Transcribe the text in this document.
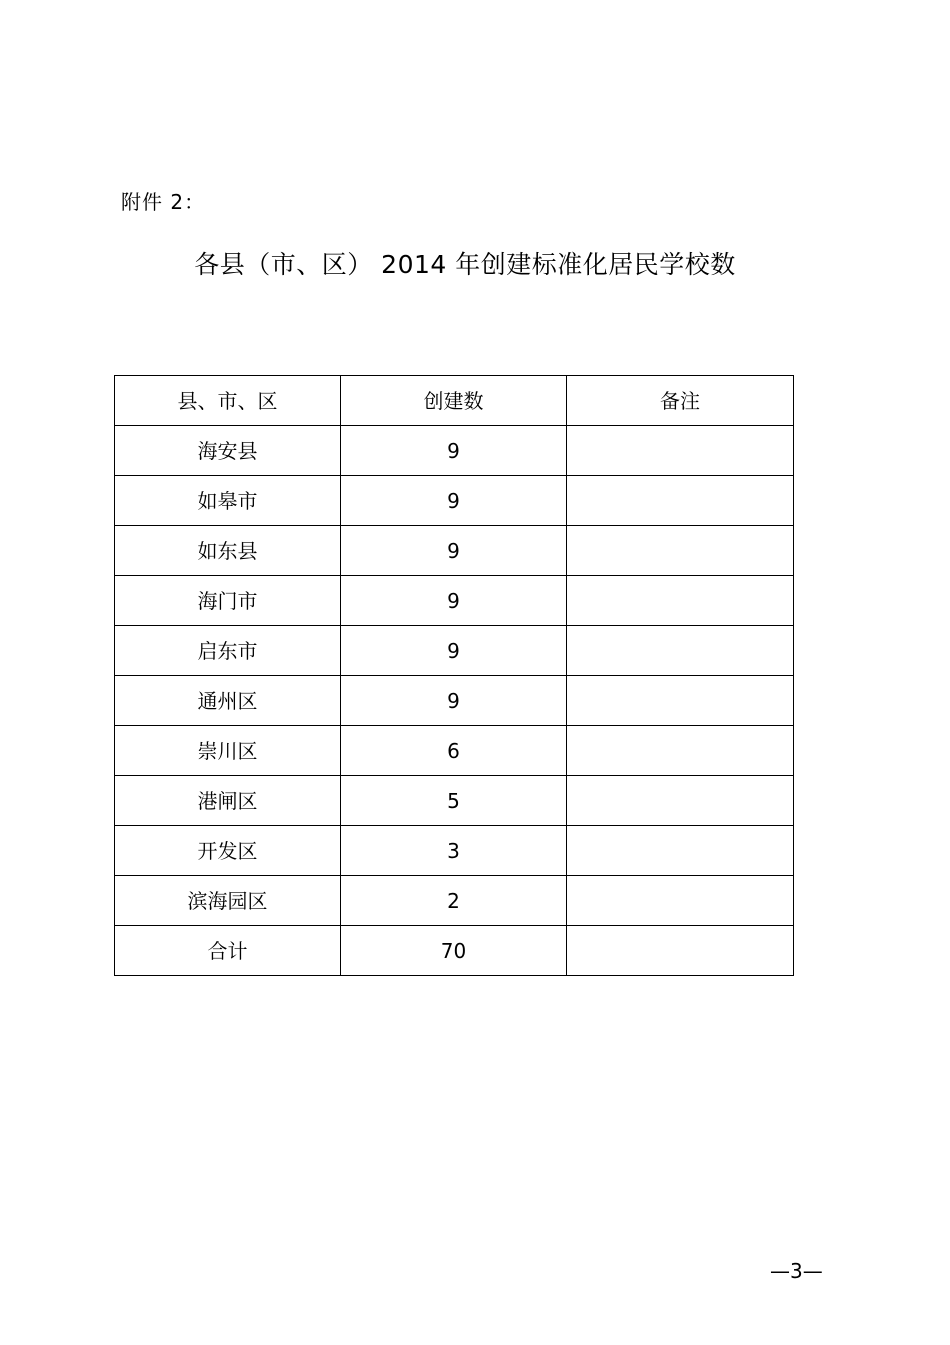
附件 2：
各县（市、区） 2014 年创建标准化居民学校数
县、市、区	创建数	备注
海安县	9	
如皋市	9	
如东县	9	
海门市	9	
启东市	9	
通州区	9	
崇川区	6	
港闸区	5	
开发区	3	
滨海园区	2	
合计	70	
—3—
